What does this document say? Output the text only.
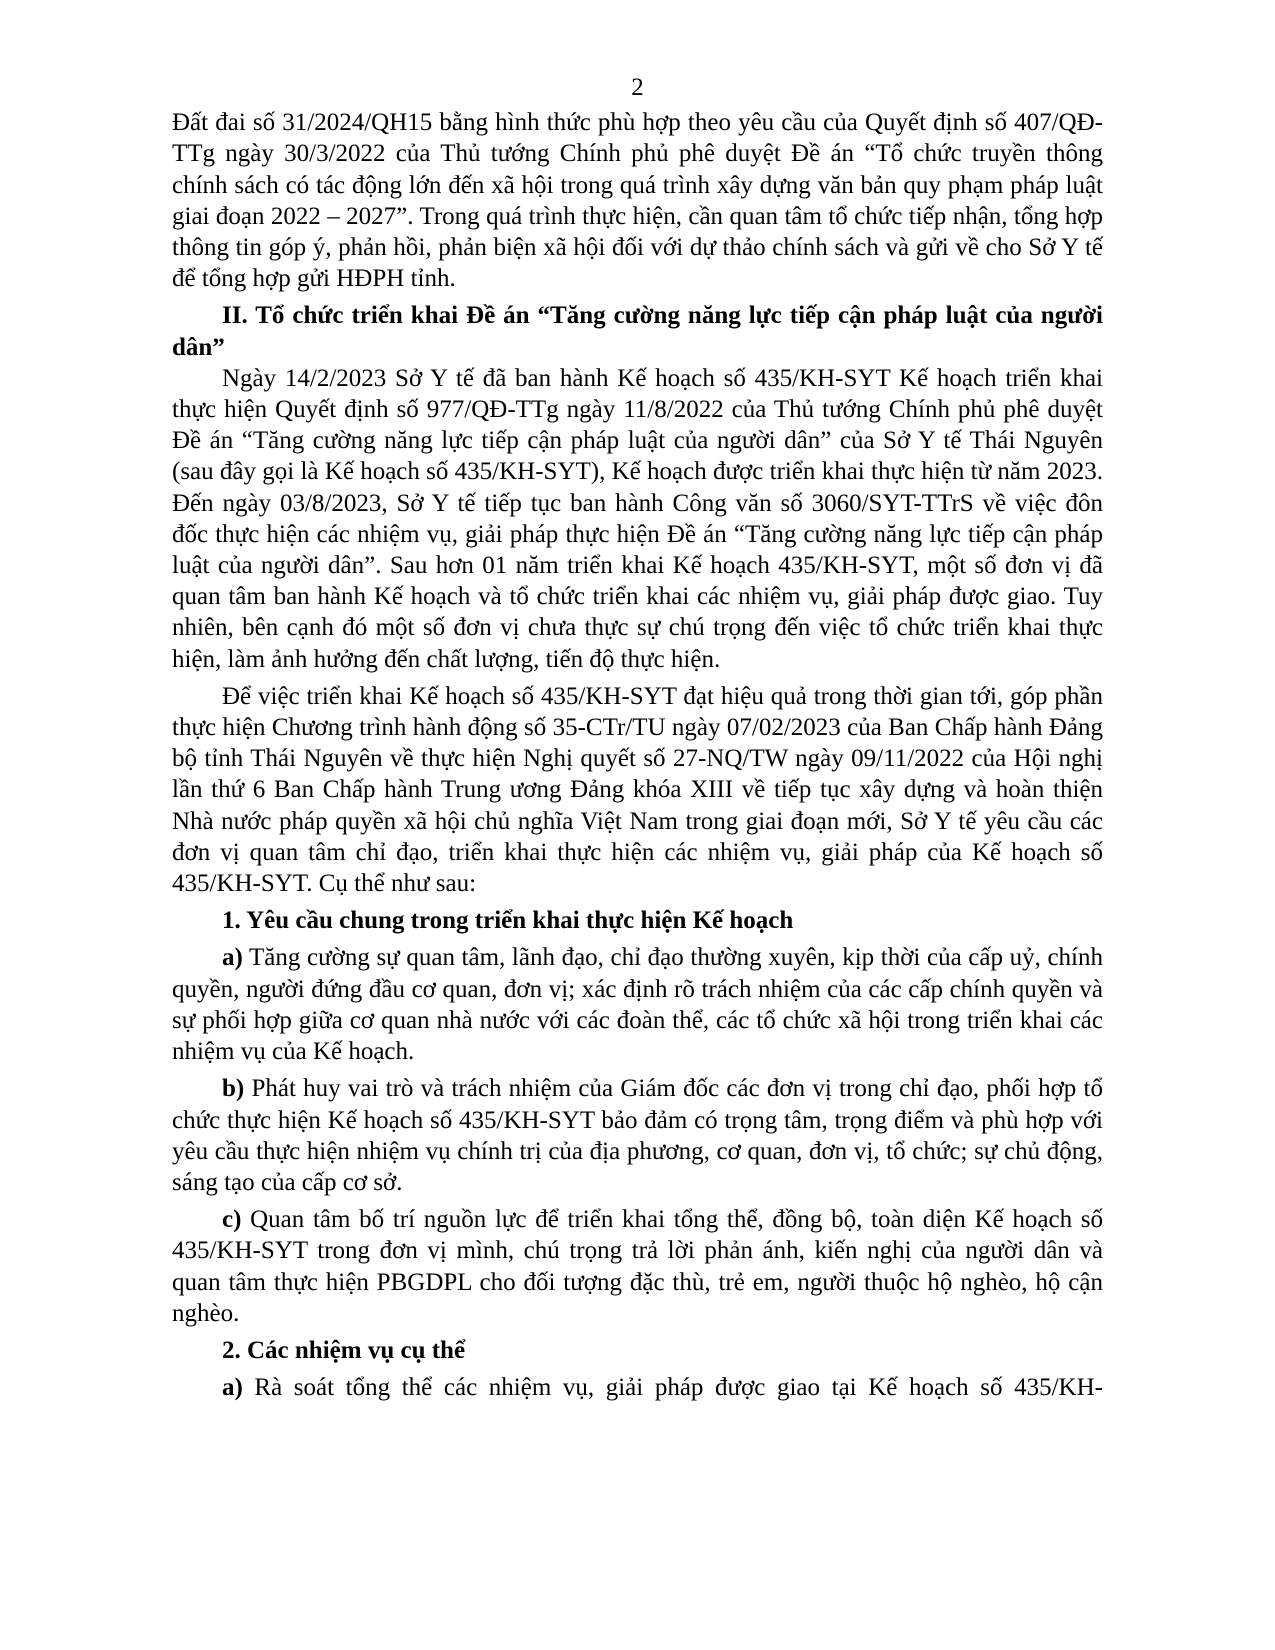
2

Đất đai số 31/2024/QH15 bằng hình thức phù hợp theo yêu cầu của Quyết định số 407/QĐ-TTg ngày 30/3/2022 của Thủ tướng Chính phủ phê duyệt Đề án “Tổ chức truyền thông chính sách có tác động lớn đến xã hội trong quá trình xây dựng văn bản quy phạm pháp luật giai đoạn 2022 – 2027”. Trong quá trình thực hiện, cần quan tâm tổ chức tiếp nhận, tổng hợp thông tin góp ý, phản hồi, phản biện xã hội đối với dự thảo chính sách và gửi về cho Sở Y tế để tổng hợp gửi HĐPH tỉnh.

II. Tổ chức triển khai Đề án “Tăng cường năng lực tiếp cận pháp luật của người dân”

Ngày 14/2/2023 Sở Y tế đã ban hành Kế hoạch số 435/KH-SYT Kế hoạch triển khai thực hiện Quyết định số 977/QĐ-TTg ngày 11/8/2022 của Thủ tướng Chính phủ phê duyệt Đề án “Tăng cường năng lực tiếp cận pháp luật của người dân” của Sở Y tế Thái Nguyên (sau đây gọi là Kế hoạch số 435/KH-SYT), Kế hoạch được triển khai thực hiện từ năm 2023. Đến ngày 03/8/2023, Sở Y tế tiếp tục ban hành Công văn số 3060/SYT-TTrS về việc đôn đốc thực hiện các nhiệm vụ, giải pháp thực hiện Đề án “Tăng cường năng lực tiếp cận pháp luật của người dân”. Sau hơn 01 năm triển khai Kế hoạch 435/KH-SYT, một số đơn vị đã quan tâm ban hành Kế hoạch và tổ chức triển khai các nhiệm vụ, giải pháp được giao. Tuy nhiên, bên cạnh đó một số đơn vị chưa thực sự chú trọng đến việc tổ chức triển khai thực hiện, làm ảnh hưởng đến chất lượng, tiến độ thực hiện.

Để việc triển khai Kế hoạch số 435/KH-SYT đạt hiệu quả trong thời gian tới, góp phần thực hiện Chương trình hành động số 35-CTr/TU ngày 07/02/2023 của Ban Chấp hành Đảng bộ tỉnh Thái Nguyên về thực hiện Nghị quyết số 27-NQ/TW ngày 09/11/2022 của Hội nghị lần thứ 6 Ban Chấp hành Trung ương Đảng khóa XIII về tiếp tục xây dựng và hoàn thiện Nhà nước pháp quyền xã hội chủ nghĩa Việt Nam trong giai đoạn mới, Sở Y tế yêu cầu các đơn vị quan tâm chỉ đạo, triển khai thực hiện các nhiệm vụ, giải pháp của Kế hoạch số 435/KH-SYT. Cụ thể như sau:

1. Yêu cầu chung trong triển khai thực hiện Kế hoạch

a) Tăng cường sự quan tâm, lãnh đạo, chỉ đạo thường xuyên, kịp thời của cấp uỷ, chính quyền, người đứng đầu cơ quan, đơn vị; xác định rõ trách nhiệm của các cấp chính quyền và sự phối hợp giữa cơ quan nhà nước với các đoàn thể, các tổ chức xã hội trong triển khai các nhiệm vụ của Kế hoạch.

b) Phát huy vai trò và trách nhiệm của Giám đốc các đơn vị trong chỉ đạo, phối hợp tổ chức thực hiện Kế hoạch số 435/KH-SYT bảo đảm có trọng tâm, trọng điểm và phù hợp với yêu cầu thực hiện nhiệm vụ chính trị của địa phương, cơ quan, đơn vị, tổ chức; sự chủ động, sáng tạo của cấp cơ sở.

c) Quan tâm bố trí nguồn lực để triển khai tổng thể, đồng bộ, toàn diện Kế hoạch số 435/KH-SYT trong đơn vị mình, chú trọng trả lời phản ánh, kiến nghị của người dân và quan tâm thực hiện PBGDPL cho đối tượng đặc thù, trẻ em, người thuộc hộ nghèo, hộ cận nghèo.

2. Các nhiệm vụ cụ thể

a) Rà soát tổng thể các nhiệm vụ, giải pháp được giao tại Kế hoạch số 435/KH-
